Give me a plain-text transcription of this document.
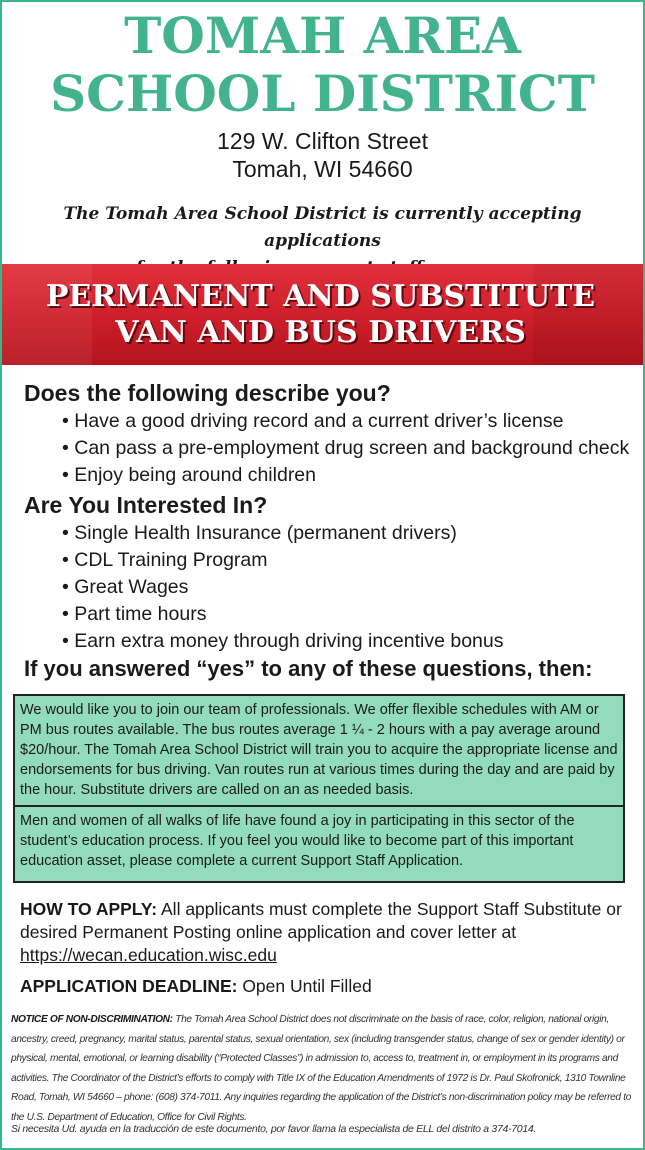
TOMAH AREA
SCHOOL DISTRICT
129 W. Clifton Street
Tomah, WI 54660
The Tomah Area School District is currently accepting applications
PERMANENT AND SUBSTITUTE
VAN AND BUS DRIVERS
Does the following describe you?
• Have a good driving record and a current driver’s license
• Can pass a pre-employment drug screen and background check
• Enjoy being around children
Are You Interested In?
• Single Health Insurance (permanent drivers)
• CDL Training Program
• Great Wages
• Part time hours
• Earn extra money through driving incentive bonus
If you answered “yes” to any of these questions, then:
We would like you to join our team of professionals. We offer flexible schedules with AM or PM bus routes available. The bus routes average 1 ¼ - 2 hours with a pay average around $20/hour. The Tomah Area School District will train you to acquire the appropriate license and endorsements for bus driving. Van routes run at various times during the day and are paid by the hour. Substitute drivers are called on an as needed basis.
Men and women of all walks of life have found a joy in participating in this sector of the student’s education process. If you feel you would like to become part of this important education asset, please complete a current Support Staff Application.
HOW TO APPLY: All applicants must complete the Support Staff Substitute or desired Permanent Posting online application and cover letter at https://wecan.education.wisc.edu
APPLICATION DEADLINE: Open Until Filled
NOTICE OF NON-DISCRIMINATION: The Tomah Area School District does not discriminate on the basis of race, color, religion, national origin, ancestry, creed, pregnancy, marital status, parental status, sexual orientation, sex (including transgender status, change of sex or gender identity) or physical, mental, emotional, or learning disability (“Protected Classes”) in admission to, access to, treatment in, or employment in its programs and activities. The Coordinator of the District’s efforts to comply with Title IX of the Education Amendments of 1972 is Dr. Paul Skofronick, 1310 Townline Road, Tomah, WI 54660 – phone: (608) 374-7011. Any inquiries regarding the application of the District’s non-discrimination policy may be referred to the U.S. Department of Education, Office for Civil Rights.
Si necesita Ud. ayuda en la traducción de este documento, por favor llama la especialista de ELL del distrito a 374-7014.
